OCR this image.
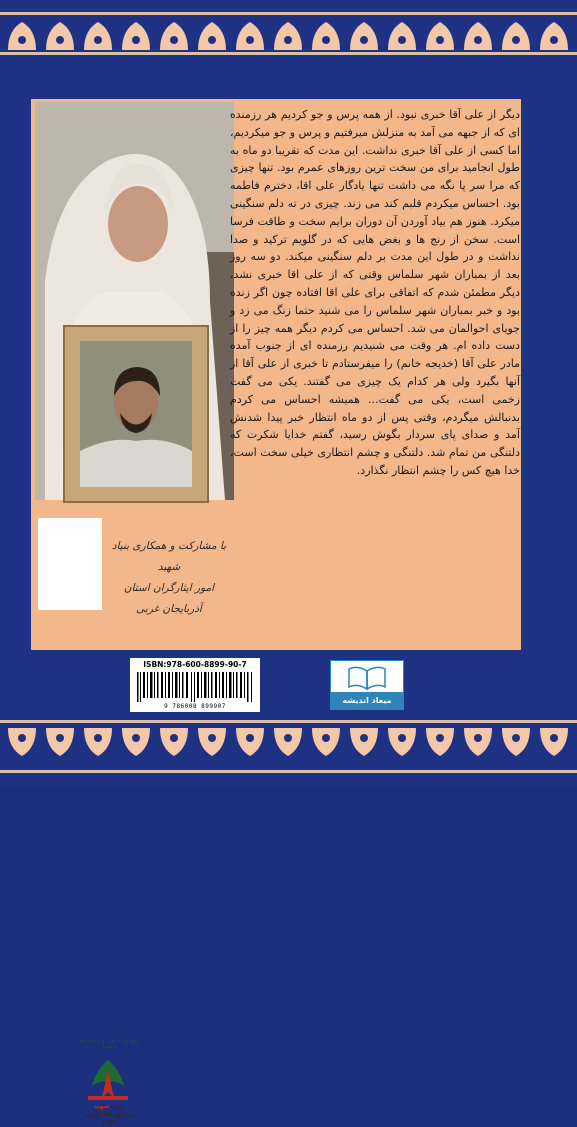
دیگر از علی آقا خبری نبود. از همه پرس و جو کردیم هر رزمنده ای که از جبهه می آمد به منزلش میرفتیم و پرس و جو میکردیم، اما کسی از علی آقا خبری نداشت. این مدت که تقریبا دو ماه به طول انجامید برای من سخت ترین روزهای عمرم بود. تنها چیزی که مرا سر پا نگه می داشت تنها یادگار علی اقا، دخترم فاطمه بود. احساس میکردم قلبم کند می زند. چیزی در ته دلم سنگینی میکرد. هنوز هم بیاد آوردن آن دوران برایم سخت و طاقت فرسا است. سخن از رنج ها و بغض هایی که در گلویم ترکید و صدا نداشت و در طول این مدت بر دلم سنگینی میکند. دو سه روز بعد از بمباران شهر سلماس وقتی که از علی اقا خبری نشد، دیگر مطمئن شدم که اتفاقی برای علی اقا افتاده چون اگر زنده بود و خبر بمباران شهر سلماس را می شنید حتما زنگ می زد و جویای احوالمان می شد. احساس می کردم دیگر همه چیز را از دست داده ام. هر وقت می شنیدیم رزمنده ای از جنوب آمده مادر علی آقا (خدیجه خانم) را میفرستادم تا خبری از علی آقا از آنها بگیرد ولی هر کدام یک چیزی می گفتند. یکی می گفت زخمی است، یکی می گفت... همیشه احساس می کردم بدنبالش میگردم، وقتی پس از دو ماه انتظار خبر پیدا شدنش آمد و صدای پای سردار بگوش رسید، گفتم خدایا شکرت که دلتنگی من تمام شد. دلتنگی و چشم انتظاری خیلی سخت است، خدا هیچ کس را چشم انتظار نگذارد.

شهدای گرانقدر و ستاره های درخشان
بنیاد شهید
و امور ایثارگران ۱۳۵۸
با مشارکت و همکاری بنیاد شهید
امور ایثارگران استان آذربایجان غربی
ISBN:978-600-8899-90-7
9 786008 899907
میعاد اندیشه
